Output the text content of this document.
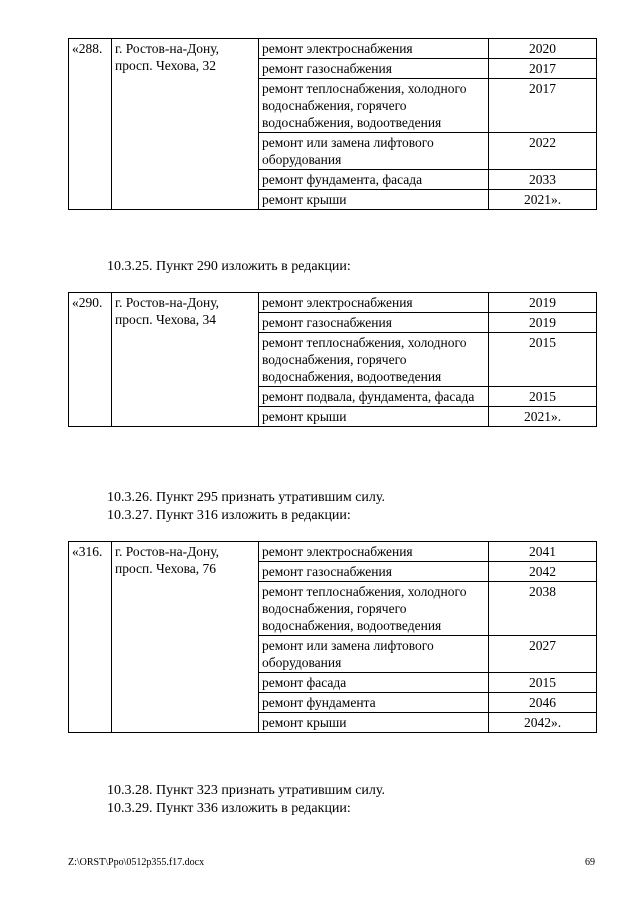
«288.	г. Ростов-на-Дону, просп. Чехова, 32	ремонт электроснабжения	2020
		ремонт газоснабжения	2017
		ремонт теплоснабжения, холодного водоснабжения, горячего водоснабжения, водоотведения	2017
		ремонт или замена лифтового оборудования	2022
		ремонт фундамента, фасада	2033
		ремонт крыши	2021».
10.3.25. Пункт 290 изложить в редакции:
«290.	г. Ростов-на-Дону, просп. Чехова, 34	ремонт электроснабжения	2019
		ремонт газоснабжения	2019
		ремонт теплоснабжения, холодного водоснабжения, горячего водоснабжения, водоотведения	2015
		ремонт подвала, фундамента, фасада	2015
		ремонт крыши	2021».
10.3.26. Пункт 295 признать утратившим силу.
10.3.27. Пункт 316 изложить в редакции:
«316.	г. Ростов-на-Дону, просп. Чехова, 76	ремонт электроснабжения	2041
		ремонт газоснабжения	2042
		ремонт теплоснабжения, холодного водоснабжения, горячего водоснабжения, водоотведения	2038
		ремонт или замена лифтового оборудования	2027
		ремонт фасада	2015
		ремонт фундамента	2046
		ремонт крыши	2042».
10.3.28. Пункт 323 признать утратившим силу.
10.3.29. Пункт 336 изложить в редакции:
Z:\ORST\Ppo\0512p355.f17.docx	69
